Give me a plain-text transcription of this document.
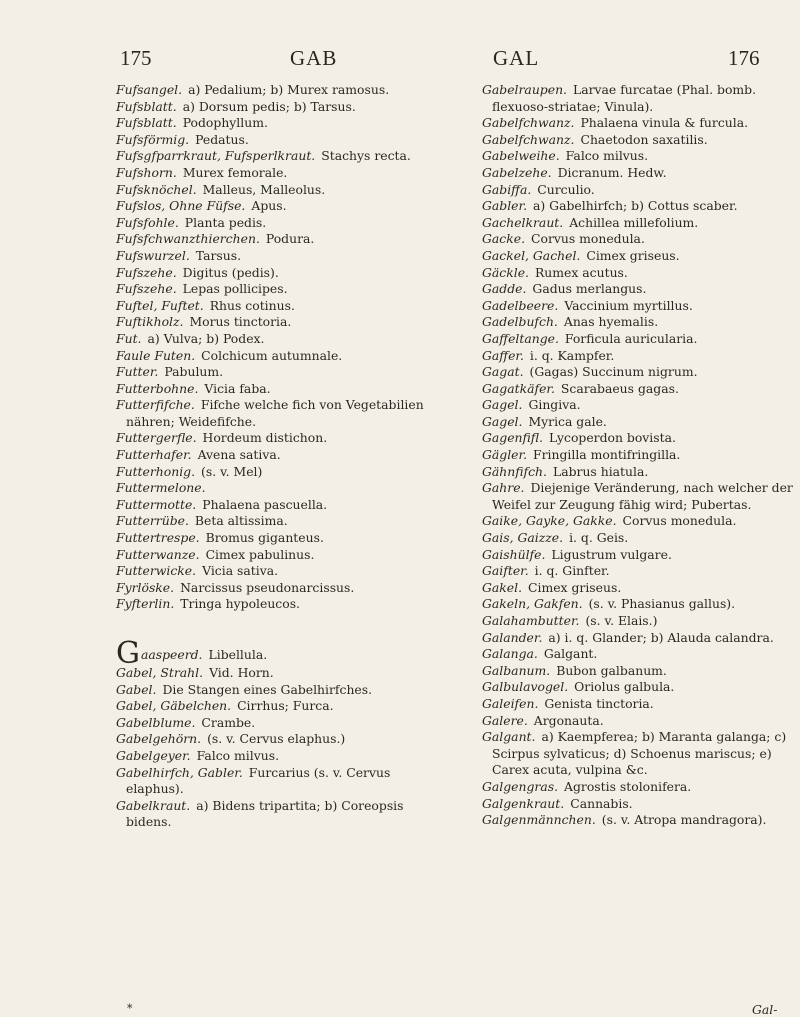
175	GAB	GAL	176

Fufsangel. a) Pedalium; b) Murex ramosus.

Fufsblatt. a) Dorsum pedis; b) Tarsus.

Fufsblatt. Podophyllum.

Fufsförmig. Pedatus.

Fufsgfparrkraut, Fufsperlkraut. Stachys recta.

Fufshorn. Murex femorale.

Fufsknöchel. Malleus, Malleolus.

Fufslos, Ohne Füfse. Apus.

Fufsfohle. Planta pedis.

Fufsfchwanzthierchen. Podura.

Fufswurzel. Tarsus.

Fufszehe. Digitus (pedis).

Fufszehe. Lepas pollicipes.

Fuftel, Fuftet. Rhus cotinus.

Fuftikholz. Morus tinctoria.

Fut. a) Vulva; b) Podex.

Faule Futen. Colchicum autumnale.

Futter. Pabulum.

Futterbohne. Vicia faba.

Futterfifche. Fifche welche fich von Vegetabilien nähren; Weidefifche.

Futtergerfle. Hordeum distichon.

Futterhafer. Avena sativa.

Futterhonig. (s. v. Mel)

Futtermelone.

Futtermotte. Phalaena pascuella.

Futterrübe. Beta altissima.

Futtertrespe. Bromus giganteus.

Futterwanze. Cimex pabulinus.

Futterwicke. Vicia sativa.

Fyrlöske. Narcissus pseudonarcissus.

Fyfterlin. Tringa hypoleucos.

Gaaspeerd. Libellula.

Gabel, Strahl. Vid. Horn.

Gabel. Die Stangen eines Gabelhirfches.

Gabel, Gäbelchen. Cirrhus; Furca.

Gabelblume. Crambe.

Gabelgehörn. (s. v. Cervus elaphus.)

Gabelgeyer. Falco milvus.

Gabelhirfch, Gabler. Furcarius (s. v. Cervus elaphus).

Gabelkraut. a) Bidens tripartita; b) Coreopsis bidens.

Gabelraupen. Larvae furcatae (Phal. bomb. flexuoso-striatae; Vinula).

Gabelfchwanz. Phalaena vinula & furcula.

Gabelfchwanz. Chaetodon saxatilis.

Gabelweihe. Falco milvus.

Gabelzehe. Dicranum. Hedw.

Gabiffa. Curculio.

Gabler. a) Gabelhirfch; b) Cottus scaber.

Gachelkraut. Achillea millefolium.

Gacke. Corvus monedula.

Gackel, Gachel. Cimex griseus.

Gäckle. Rumex acutus.

Gadde. Gadus merlangus.

Gadelbeere. Vaccinium myrtillus.

Gadelbufch. Anas hyemalis.

Gaffeltange. Forficula auricularia.

Gaffer. i. q. Kampfer.

Gagat. (Gagas) Succinum nigrum.

Gagatkäfer. Scarabaeus gagas.

Gagel. Gingiva.

Gagel. Myrica gale.

Gagenfifl. Lycoperdon bovista.

Gägler. Fringilla montifringilla.

Gähnfifch. Labrus hiatula.

Gahre. Diejenige Veränderung, nach welcher der Weifel zur Zeugung fähig wird; Pubertas.

Gaike, Gayke, Gakke. Corvus monedula.

Gais, Gaizze. i. q. Geis.

Gaishülfe. Ligustrum vulgare.

Gaifter. i. q. Ginfter.

Gakel. Cimex griseus.

Gakeln, Gakfen. (s. v. Phasianus gallus).

Galahambutter. (s. v. Elais.)

Galander. a) i. q. Glander; b) Alauda calandra.

Galanga. Galgant.

Galbanum. Bubon galbanum.

Galbulavogel. Oriolus galbula.

Galeifen. Genista tinctoria.

Galere. Argonauta.

Galgant. a) Kaempferea; b) Maranta galanga; c) Scirpus sylvaticus; d) Schoenus mariscus; e) Carex acuta, vulpina &c.

Galgengras. Agrostis stolonifera.

Galgenkraut. Cannabis.

Galgenmännchen. (s. v. Atropa mandragora).

*	Gal-
